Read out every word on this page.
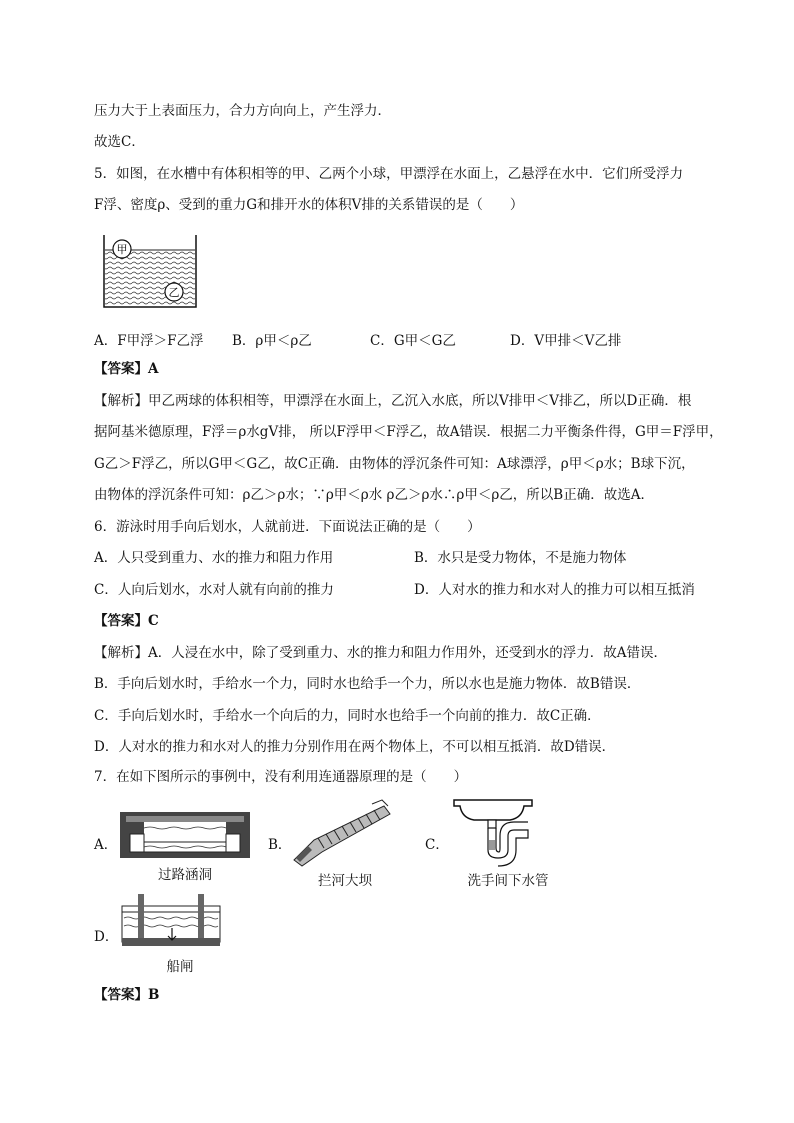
压力大于上表面压力，合力方向向上，产生浮力．
故选C．
5．如图，在水槽中有体积相等的甲、乙两个小球，甲漂浮在水面上，乙悬浮在水中．它们所受浮力
F浮、密度ρ、受到的重力G和排开水的体积V排的关系错误的是（　　）
甲
乙
A．F甲浮＞F乙浮 B．ρ甲＜ρ乙	C．G甲＜G乙	D．V甲排＜V乙排
【答案】A
【解析】甲乙两球的体积相等，甲漂浮在水面上，乙沉入水底，所以V排甲＜V排乙，所以D正确．根
据阿基米德原理，F浮＝ρ水gV排， 所以F浮甲＜F浮乙，故A错误．根据二力平衡条件得，G甲＝F浮甲，
G乙＞F浮乙，所以G甲＜G乙，故C正确．由物体的浮沉条件可知：A球漂浮，ρ甲＜ρ水；B球下沉，
由物体的浮沉条件可知：ρ乙＞ρ水；∵ρ甲＜ρ水 ρ乙＞ρ水∴ρ甲＜ρ乙，所以B正确．故选A．
6．游泳时用手向后划水，人就前进．下面说法正确的是（　　）
A．人只受到重力、水的推力和阻力作用	B．水只是受力物体，不是施力物体
C．人向后划水，水对人就有向前的推力	D．人对水的推力和水对人的推力可以相互抵消
【答案】C
【解析】A．人浸在水中，除了受到重力、水的推力和阻力作用外，还受到水的浮力．故A错误．
B．手向后划水时，手给水一个力，同时水也给手一个力，所以水也是施力物体．故B错误．
C．手向后划水时，手给水一个向后的力，同时水也给手一个向前的推力．故C正确．
D．人对水的推力和水对人的推力分别作用在两个物体上，不可以相互抵消．故D错误．
7．在如下图所示的事例中，没有利用连通器原理的是（　　）
A．
过路涵洞
B．
拦河大坝
C．
洗手间下水管
D．
船闸
【答案】B
